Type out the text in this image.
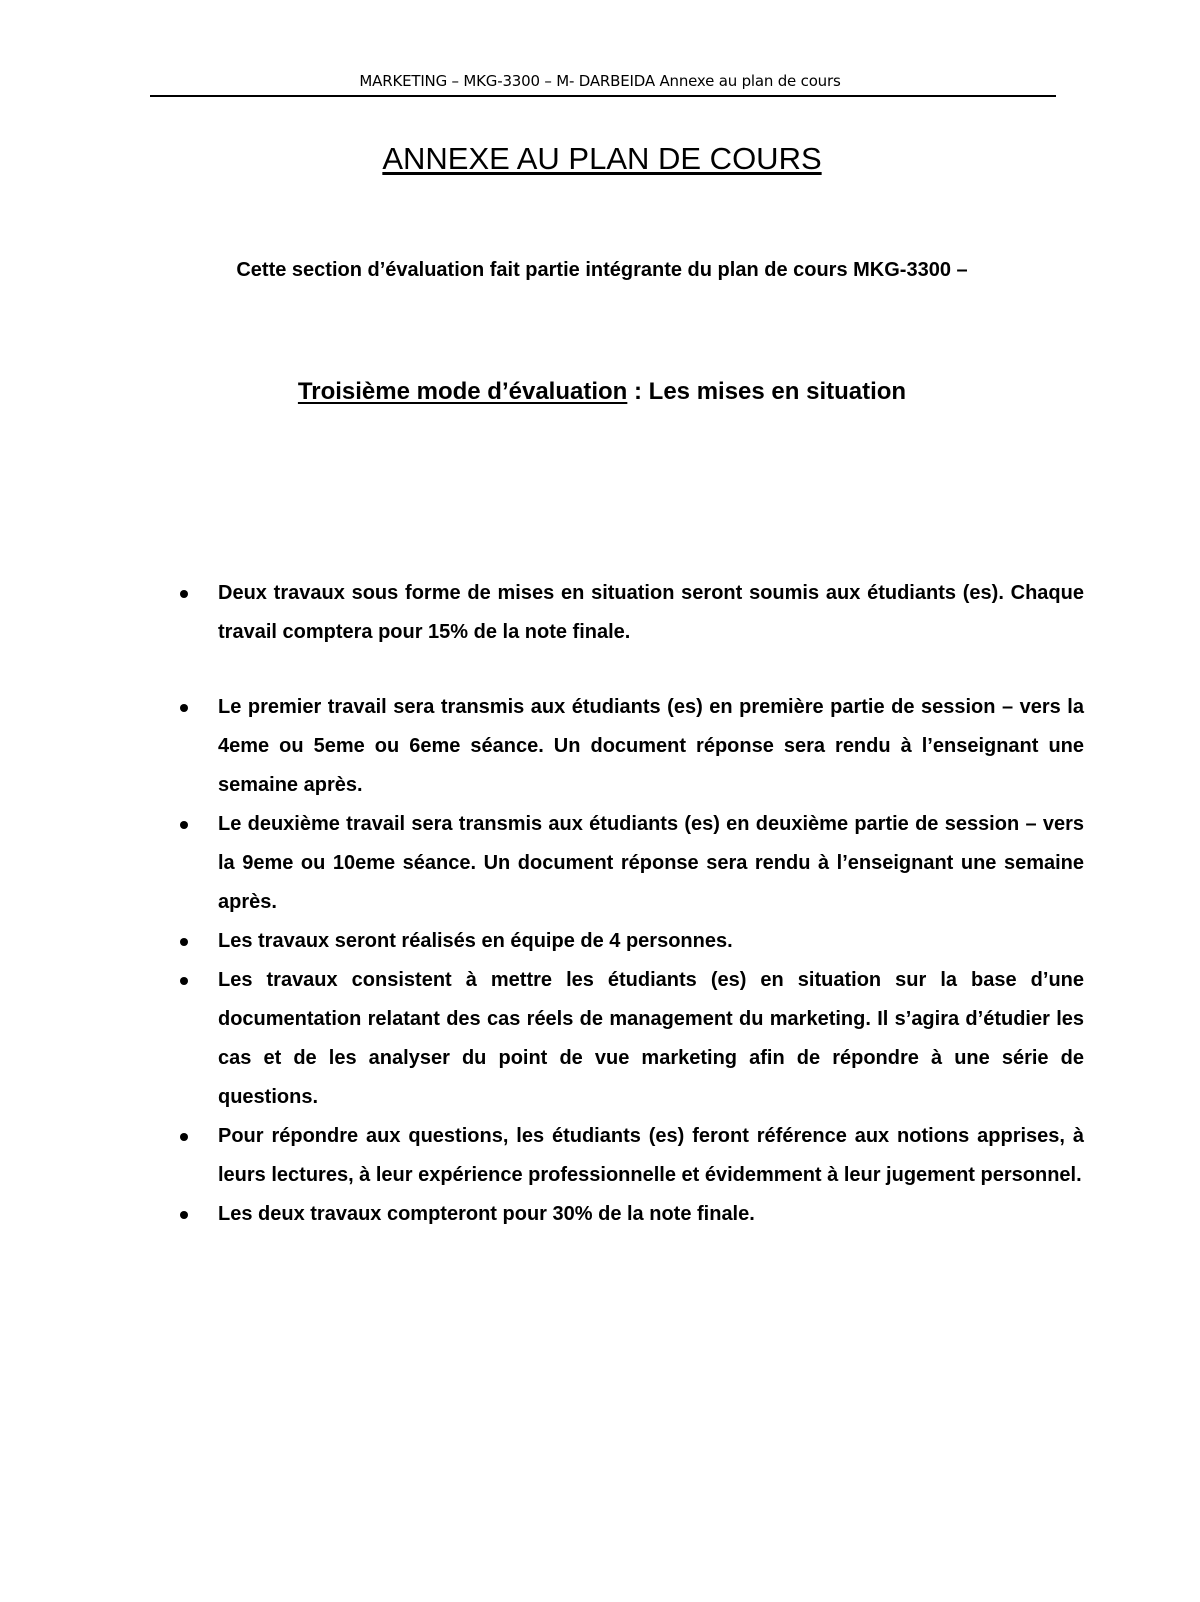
MARKETING – MKG-3300 – M- DARBEIDA Annexe au plan de cours
ANNEXE AU PLAN DE COURS
Cette section d’évaluation fait partie intégrante du plan de cours MKG-3300 –
Troisième mode d’évaluation : Les mises en situation
Deux travaux sous forme de mises en situation seront soumis aux étudiants (es). Chaque travail comptera pour 15% de la note finale.
Le premier travail sera transmis aux étudiants (es) en première partie de session – vers la 4eme ou 5eme ou 6eme séance. Un document réponse sera rendu à l’enseignant une semaine après.
Le deuxième travail sera transmis aux étudiants (es) en deuxième partie de session – vers la 9eme ou 10eme séance. Un document réponse sera rendu à l’enseignant une semaine après.
Les travaux seront réalisés en équipe de 4 personnes.
Les travaux consistent à mettre les étudiants (es) en situation sur la base d’une documentation relatant des cas réels de management du marketing. Il s’agira d’étudier les cas et de les analyser du point de vue marketing afin de répondre à une série de questions.
Pour répondre aux questions, les étudiants (es) feront référence aux notions apprises, à leurs lectures, à leur expérience professionnelle et évidemment à leur jugement personnel.
Les deux travaux compteront pour 30% de la note finale.
